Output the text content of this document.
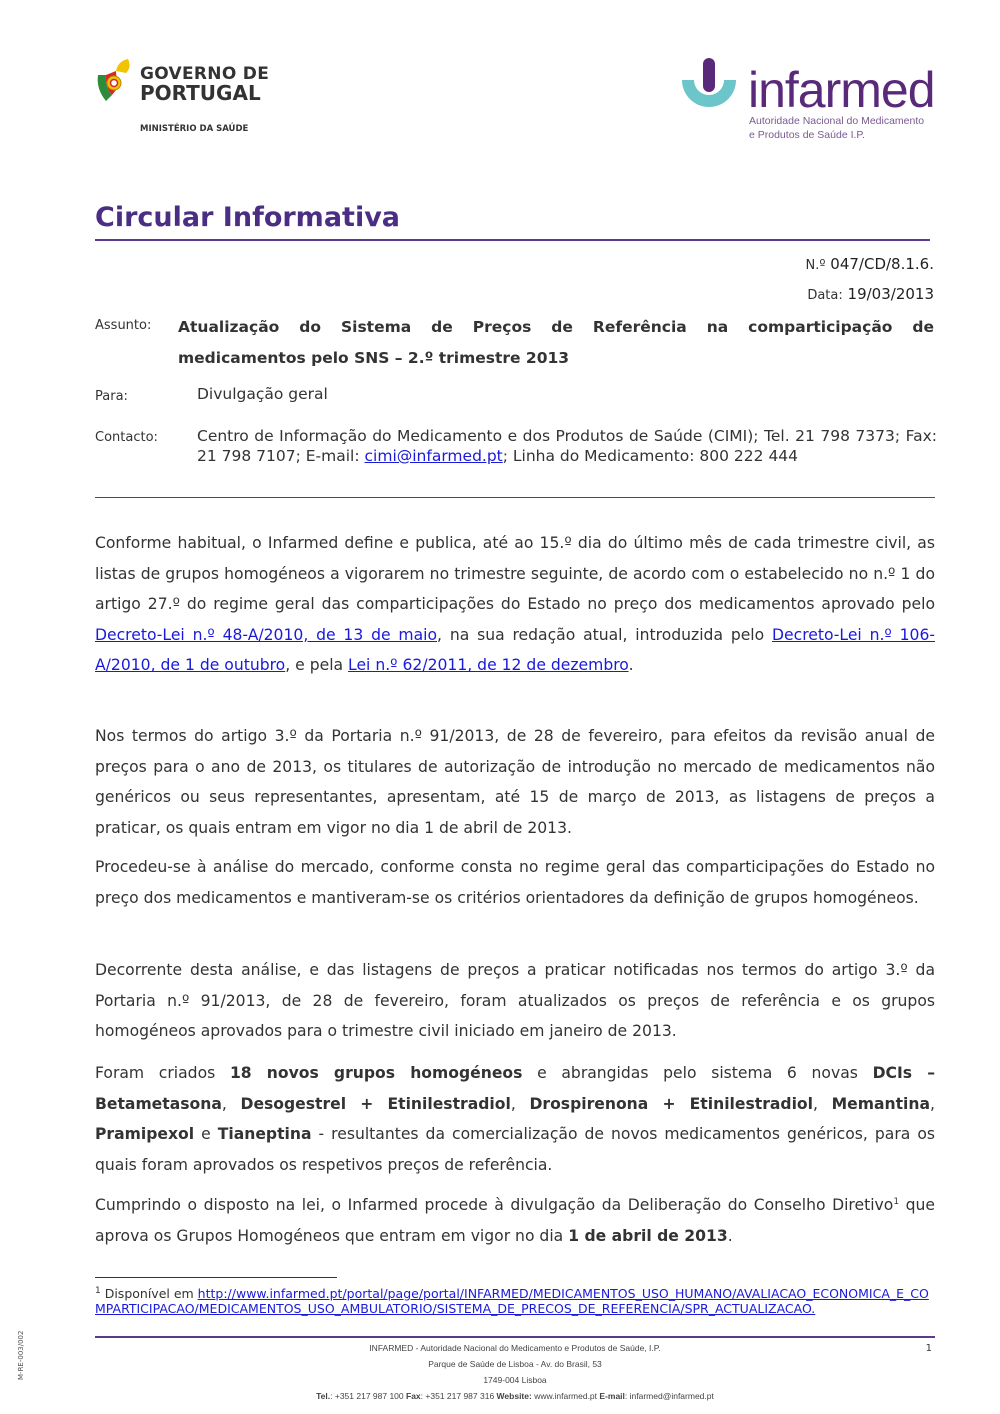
GOVERNO DE
PORTUGAL
MINISTÉRIO DA SAÚDE
infarmed
Autoridade Nacional do Medicamento
e Produtos de Saúde I.P.
Circular Informativa
N.º 047/CD/8.1.6.
Data: 19/03/2013
Assunto: Atualização do Sistema de Preços de Referência na comparticipação de medicamentos pelo SNS – 2.º trimestre 2013
Para:	Divulgação geral
Contacto:	Centro de Informação do Medicamento e dos Produtos de Saúde (CIMI); Tel. 21 798 7373; Fax: 21 798 7107; E-mail: cimi@infarmed.pt; Linha do Medicamento: 800 222 444

Conforme habitual, o Infarmed define e publica, até ao 15.º dia do último mês de cada trimestre civil, as listas de grupos homogéneos a vigorarem no trimestre seguinte, de acordo com o estabelecido no n.º 1 do artigo 27.º do regime geral das comparticipações do Estado no preço dos medicamentos aprovado pelo Decreto-Lei n.º 48-A/2010, de 13 de maio, na sua redação atual, introduzida pelo Decreto-Lei n.º 106-A/2010, de 1 de outubro, e pela Lei n.º 62/2011, de 12 de dezembro.

Nos termos do artigo 3.º da Portaria n.º 91/2013, de 28 de fevereiro, para efeitos da revisão anual de preços para o ano de 2013, os titulares de autorização de introdução no mercado de medicamentos não genéricos ou seus representantes, apresentam, até 15 de março de 2013, as listagens de preços a praticar, os quais entram em vigor no dia 1 de abril de 2013.

Procedeu-se à análise do mercado, conforme consta no regime geral das comparticipações do Estado no preço dos medicamentos e mantiveram-se os critérios orientadores da definição de grupos homogéneos.

Decorrente desta análise, e das listagens de preços a praticar notificadas nos termos do artigo 3.º da Portaria n.º 91/2013, de 28 de fevereiro, foram atualizados os preços de referência e os grupos homogéneos aprovados para o trimestre civil iniciado em janeiro de 2013.

Foram criados 18 novos grupos homogéneos e abrangidas pelo sistema 6 novas DCIs – Betametasona, Desogestrel + Etinilestradiol, Drospirenona + Etinilestradiol, Memantina, Pramipexol e Tianeptina - resultantes da comercialização de novos medicamentos genéricos, para os quais foram aprovados os respetivos preços de referência.

Cumprindo o disposto na lei, o Infarmed procede à divulgação da Deliberação do Conselho Diretivo$^1$ que aprova os Grupos Homogéneos que entram em vigor no dia 1 de abril de 2013.

$^1$ Disponível em http://www.infarmed.pt/portal/page/portal/INFARMED/MEDICAMENTOS_USO_HUMANO/AVALIACAO_ECONOMICA_E_COMPARTICIPACAO/MEDICAMENTOS_USO_AMBULATORIO/SISTEMA_DE_PRECOS_DE_REFERENCIA/SPR_ACTUALIZACAO.
INFARMED - Autoridade Nacional do Medicamento e Produtos de Saúde, I.P.
Parque de Saúde de Lisboa - Av. do Brasil, 53
1749-004 Lisboa
Tel.: +351 217 987 100 Fax: +351 217 987 316 Website: www.infarmed.pt E-mail: infarmed@infarmed.pt
1
M-RE-003/002
